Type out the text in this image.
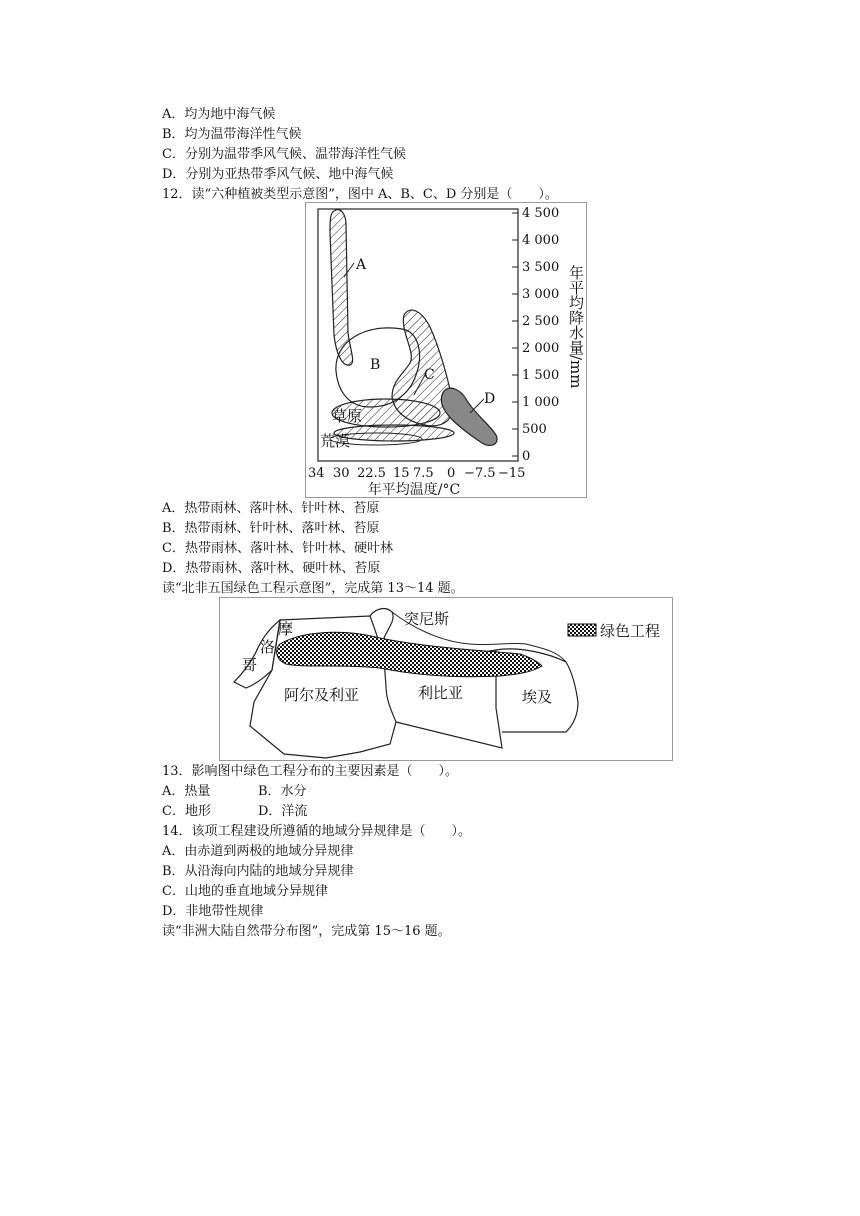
A．均为地中海气候
B．均为温带海洋性气候
C．分别为温带季风气候、温带海洋性气候
D．分别为亚热带季风气候、地中海气候
12．读“六种植被类型示意图”，图中 A、B、C、D 分别是（　　）。
4 500
4 000
3 500
3 000
2 500
2 000
1 500
1 000
500
0
年平均降水量/mm
34 30 22.5 15 7.5 0 −7.5 −15
年平均温度/°C
A
B
C
D
草原
荒漠
A．热带雨林、落叶林、针叶林、苔原
B．热带雨林、针叶林、落叶林、苔原
C．热带雨林、落叶林、针叶林、硬叶林
D．热带雨林、落叶林、硬叶林、苔原
读“北非五国绿色工程示意图”，完成第 13～14 题。
绿色工程
摩
洛
哥
突尼斯
阿尔及利亚	利比亚	埃及
13．影响图中绿色工程分布的主要因素是（　　）。
A．热量	B．水分
C．地形	D．洋流
14．该项工程建设所遵循的地域分异规律是（　　）。
A．由赤道到两极的地域分异规律
B．从沿海向内陆的地域分异规律
C．山地的垂直地域分异规律
D．非地带性规律
读“非洲大陆自然带分布图”，完成第 15～16 题。
